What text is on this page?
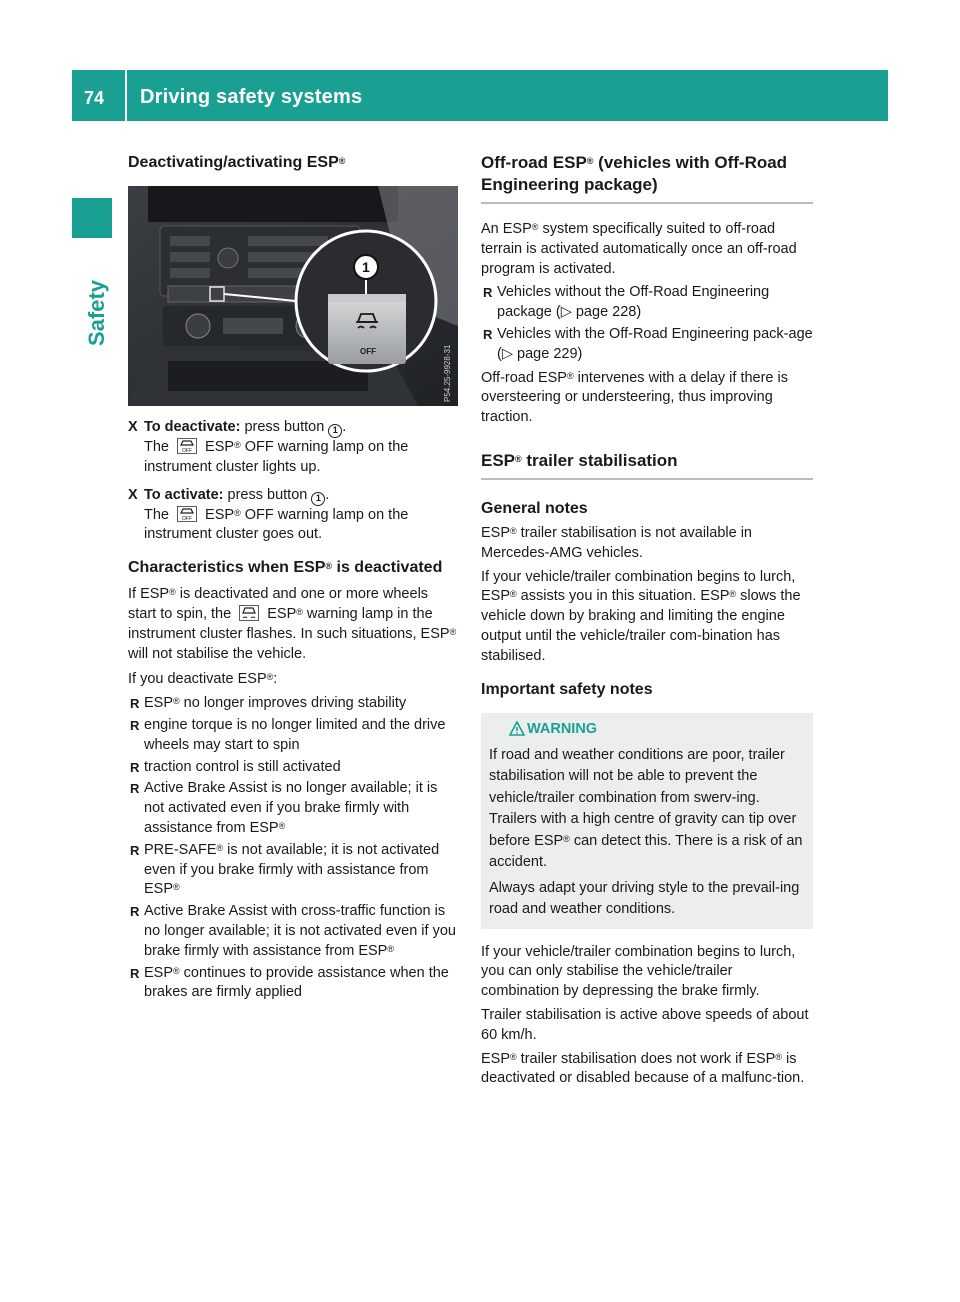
74 Driving safety systems
Safety
Deactivating/activating ESP®
OFF
1
P54.25-9928-31
X To deactivate: press button 1 .

The OFF ESP® OFF warning lamp on the instrument cluster lights up.

X To activate: press button 1 .

The OFF ESP® OFF warning lamp on the instrument cluster goes out.

Characteristics when ESP® is deactivated

If ESP® is deactivated and one or more wheels start to spin, the  ESP® warning lamp in the instrument cluster flashes. In such situations, ESP® will not stabilise the vehicle.

If you deactivate ESP®:

R ESP® no longer improves driving stability
R engine torque is no longer limited and the drive wheels may start to spin
R traction control is still activated
R Active Brake Assist is no longer available; it is not activated even if you brake firmly with assistance from ESP®
R PRE-SAFE® is not available; it is not activated even if you brake firmly with assistance from ESP®
R Active Brake Assist with cross-traffic function is no longer available; it is not activated even if you brake firmly with assistance from ESP®
R ESP® continues to provide assistance when the brakes are firmly applied
Off-road ESP® (vehicles with Off-Road Engineering package)

An ESP® system specifically suited to off-road terrain is activated automatically once an off-road program is activated.

R Vehicles without the Off-Road Engineering package (▷ page 228)
R Vehicles with the Off-Road Engineering pack-age (▷ page 229)

Off-road ESP® intervenes with a delay if there is oversteering or understeering, thus improving traction.

ESP® trailer stabilisation
General notes

ESP® trailer stabilisation is not available in Mercedes-AMG vehicles.

If your vehicle/trailer combination begins to lurch, ESP® assists you in this situation. ESP® slows the vehicle down by braking and limiting the engine output until the vehicle/trailer com-bination has stabilised.

Important safety notes
WARNING

If road and weather conditions are poor, trailer stabilisation will not be able to prevent the vehicle/trailer combination from swerv-ing. Trailers with a high centre of gravity can tip over before ESP® can detect this. There is a risk of an accident.

Always adapt your driving style to the prevail-ing road and weather conditions.

If your vehicle/trailer combination begins to lurch, you can only stabilise the vehicle/trailer combination by depressing the brake firmly.

Trailer stabilisation is active above speeds of about 60 km/h.

ESP® trailer stabilisation does not work if ESP® is deactivated or disabled because of a malfunc-tion.
